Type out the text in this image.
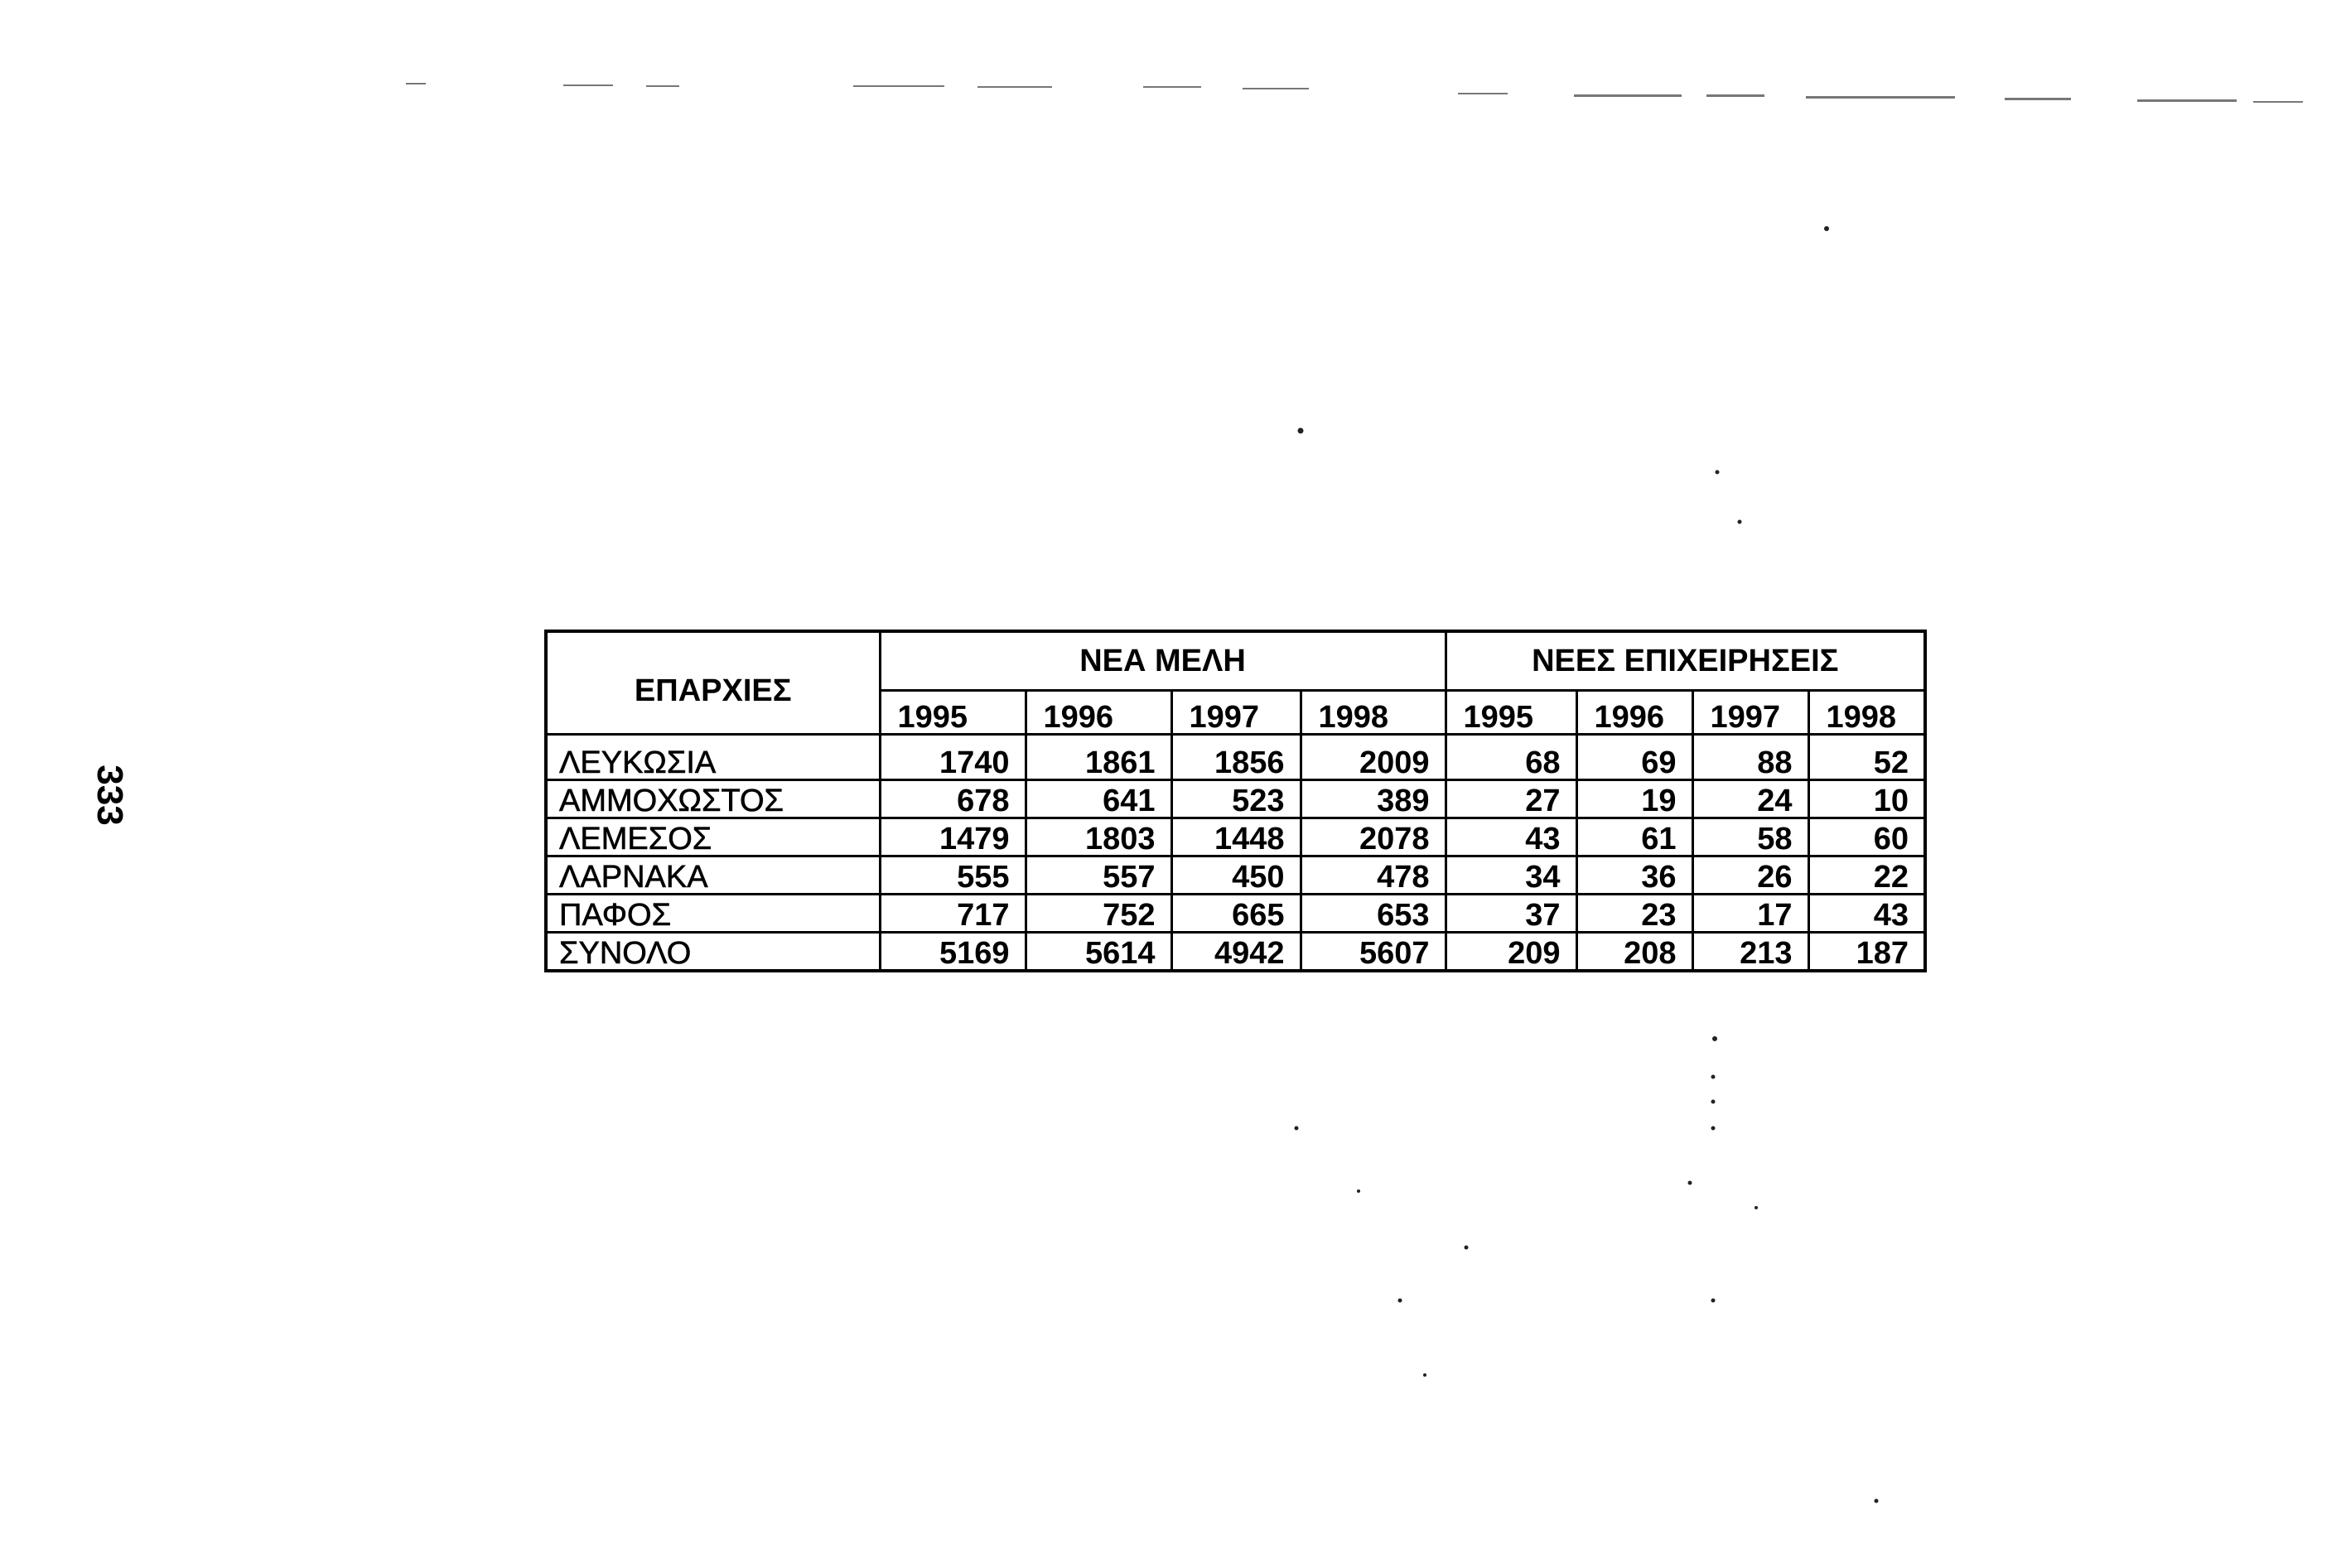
333
ΕΠΑΡΧΙΕΣ	ΝΕΑ ΜΕΛΗ				ΝΕΕΣ ΕΠΙΧΕΙΡΗΣΕΙΣ			
	1995	1996	1997	1998	1995	1996	1997	1998
ΛΕΥΚΩΣΙΑ	1740	1861	1856	2009	68	69	88	52
ΑΜΜΟΧΩΣΤΟΣ	678	641	523	389	27	19	24	10
ΛΕΜΕΣΟΣ	1479	1803	1448	2078	43	61	58	60
ΛΑΡΝΑΚΑ	555	557	450	478	34	36	26	22
ΠΑΦΟΣ	717	752	665	653	37	23	17	43
ΣΥΝΟΛΟ	5169	5614	4942	5607	209	208	213	187
